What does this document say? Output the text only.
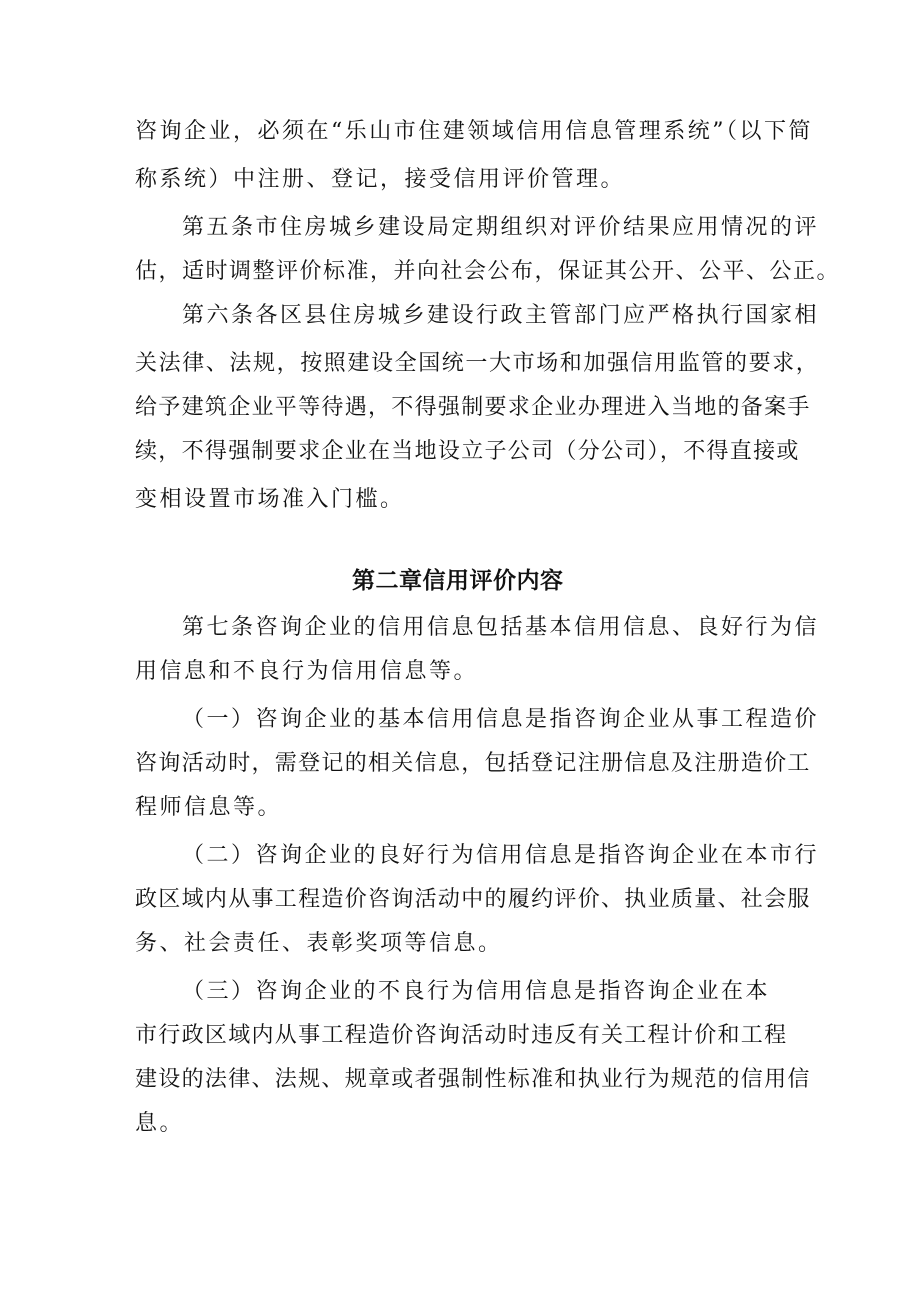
咨询企业，必须在“乐山市住建领域信用信息管理系统”（以下简

称系统）中注册、登记，接受信用评价管理。

第五条市住房城乡建设局定期组织对评价结果应用情况的评

估，适时调整评价标准，并向社会公布，保证其公开、公平、公正。

第六条各区县住房城乡建设行政主管部门应严格执行国家相

关法律、法规，按照建设全国统一大市场和加强信用监管的要求，

给予建筑企业平等待遇，不得强制要求企业办理进入当地的备案手

续，不得强制要求企业在当地设立子公司（分公司），不得直接或

变相设置市场准入门槛。

第二章信用评价内容

第七条咨询企业的信用信息包括基本信用信息、良好行为信

用信息和不良行为信用信息等。

（一）咨询企业的基本信用信息是指咨询企业从事工程造价

咨询活动时，需登记的相关信息，包括登记注册信息及注册造价工

程师信息等。

（二）咨询企业的良好行为信用信息是指咨询企业在本市行

政区域内从事工程造价咨询活动中的履约评价、执业质量、社会服

务、社会责任、表彰奖项等信息。

（三）咨询企业的不良行为信用信息是指咨询企业在本

市行政区域内从事工程造价咨询活动时违反有关工程计价和工程

建设的法律、法规、规章或者强制性标准和执业行为规范的信用信

息。
